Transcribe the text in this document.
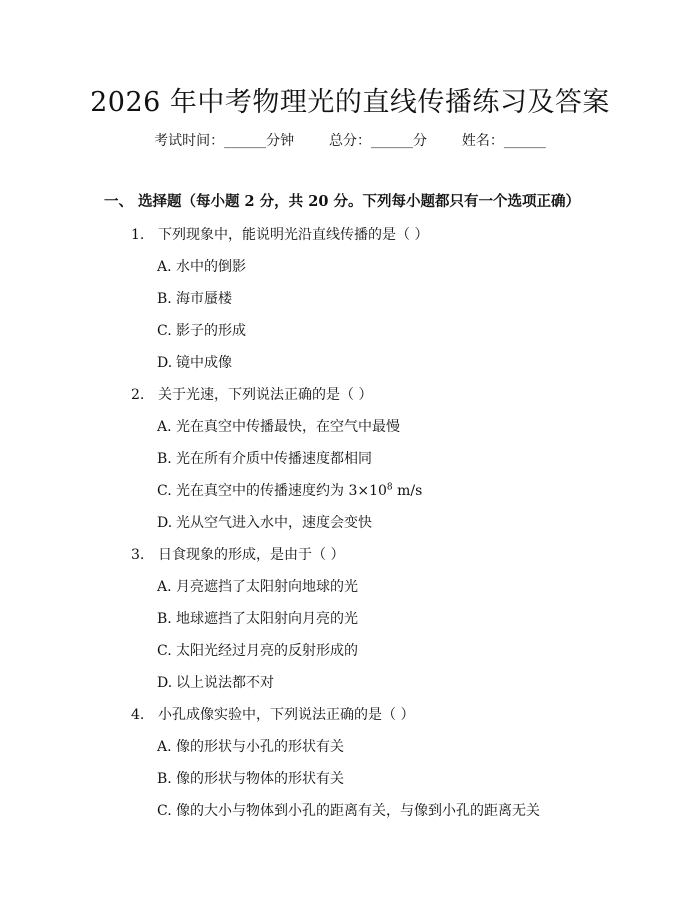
2026 年中考物理光的直线传播练习及答案
考试时间：______分钟 总分：______分 姓名：______
一、 选择题（每小题 2 分，共 20 分。下列每小题都只有一个选项正确）
1. 下列现象中，能说明光沿直线传播的是（ ）
A. 水中的倒影
B. 海市蜃楼
C. 影子的形成
D. 镜中成像
2. 关于光速，下列说法正确的是（ ）
A. 光在真空中传播最快，在空气中最慢
B. 光在所有介质中传播速度都相同
C. 光在真空中的传播速度约为 $3\times 10^8$ m/s
D. 光从空气进入水中，速度会变快
3. 日食现象的形成，是由于（ ）
A. 月亮遮挡了太阳射向地球的光
B. 地球遮挡了太阳射向月亮的光
C. 太阳光经过月亮的反射形成的
D. 以上说法都不对
4. 小孔成像实验中，下列说法正确的是（ ）
A. 像的形状与小孔的形状有关
B. 像的形状与物体的形状有关
C. 像的大小与物体到小孔的距离有关，与像到小孔的距离无关
